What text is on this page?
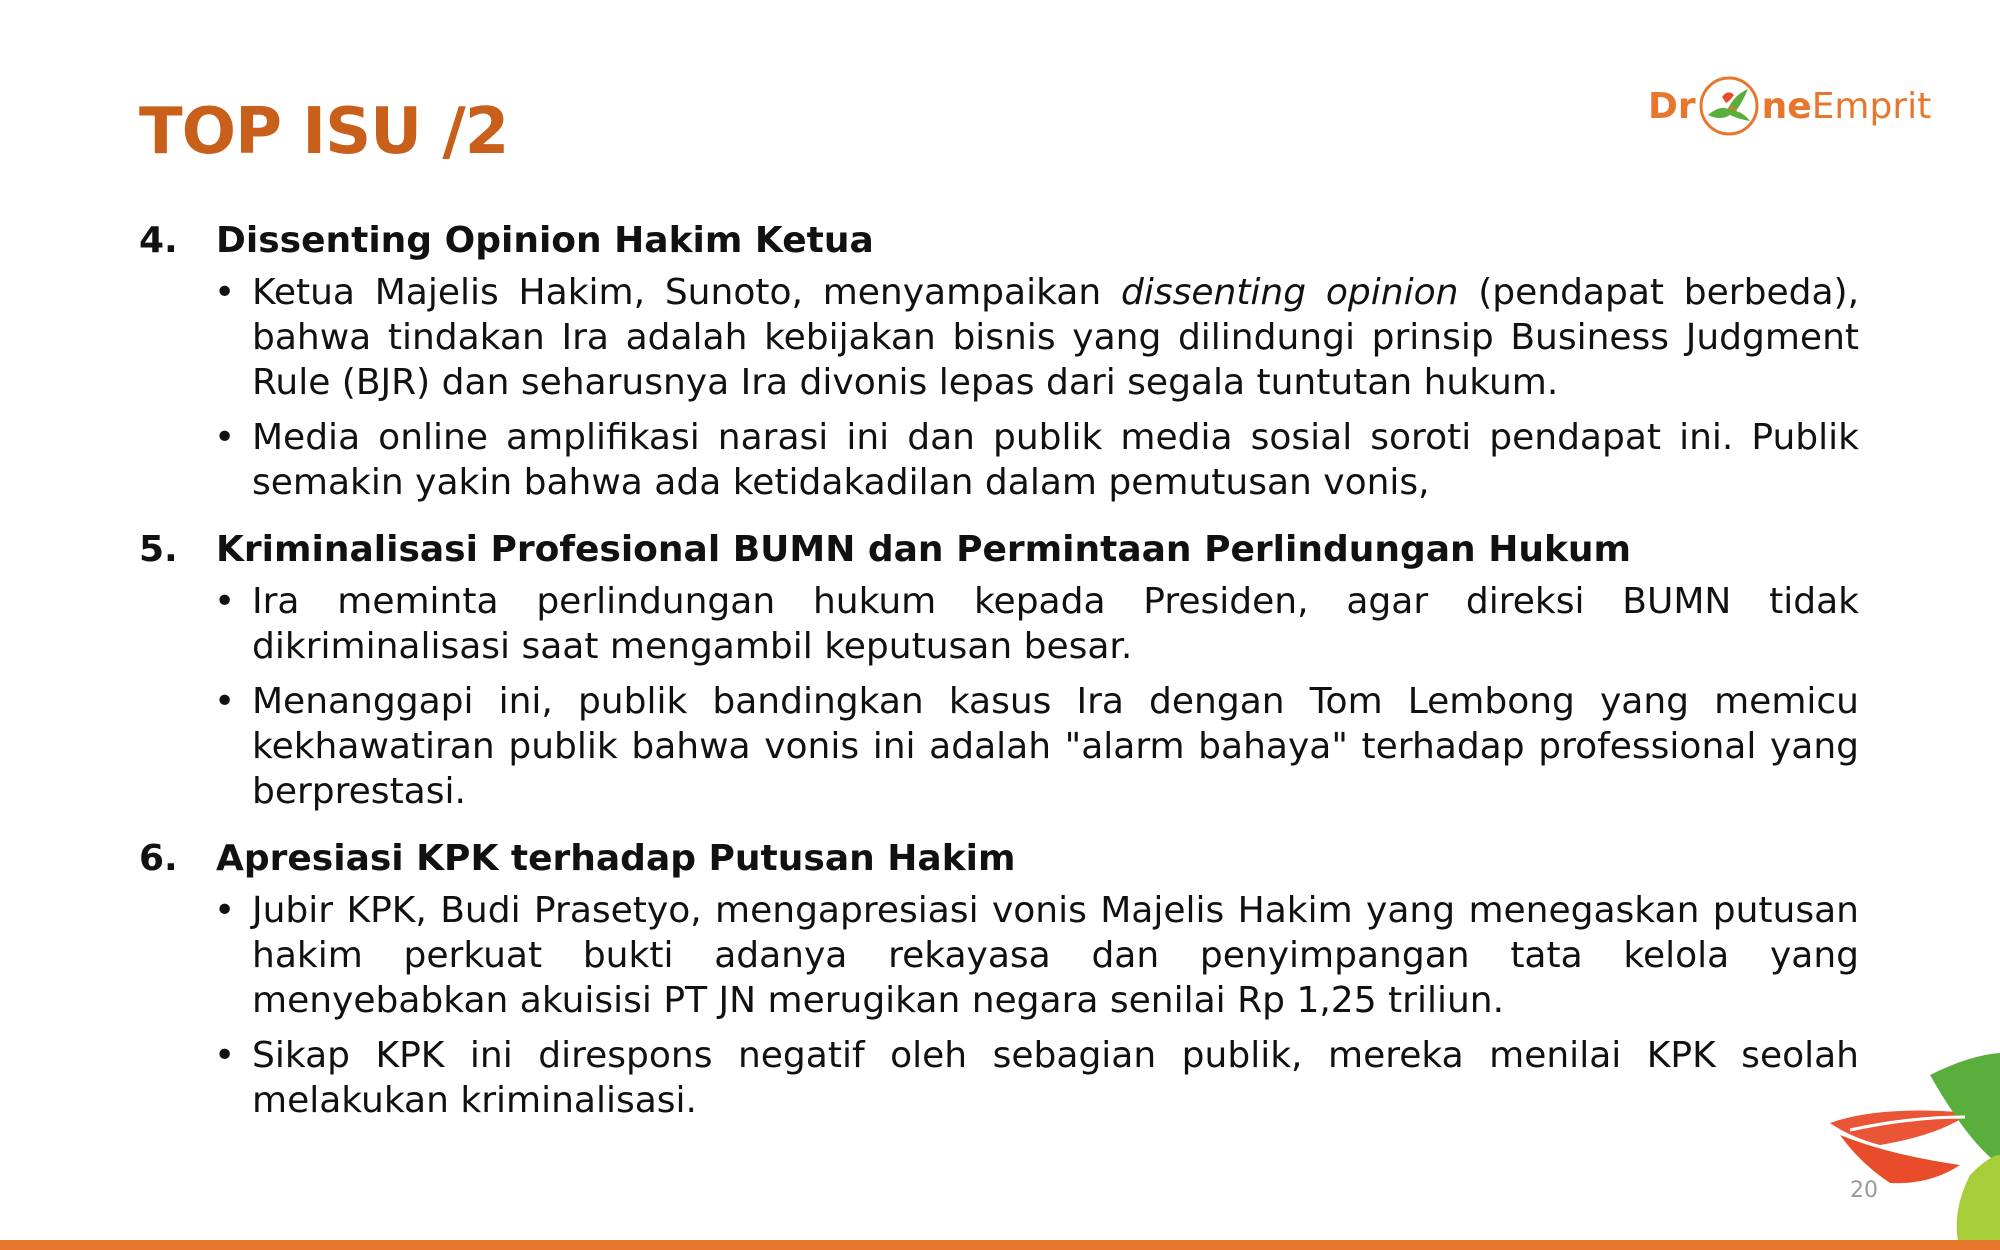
TOP ISU /2	Dr ne Emprit
4.	Dissenting Opinion Hakim Ketua
• Ketua Majelis Hakim, Sunoto, menyampaikan dissenting opinion (pendapat berbeda), bahwa tindakan Ira adalah kebijakan bisnis yang dilindungi prinsip Business Judgment Rule (BJR) dan seharusnya Ira divonis lepas dari segala tuntutan hukum.
• Media online amplifikasi narasi ini dan publik media sosial soroti pendapat ini. Publik semakin yakin bahwa ada ketidakadilan dalam pemutusan vonis,
5.	Kriminalisasi Profesional BUMN dan Permintaan Perlindungan Hukum
• Ira meminta perlindungan hukum kepada Presiden, agar direksi BUMN tidak dikriminalisasi saat mengambil keputusan besar.
• Menanggapi ini, publik bandingkan kasus Ira dengan Tom Lembong yang memicu kekhawatiran publik bahwa vonis ini adalah "alarm bahaya" terhadap professional yang berprestasi.
6.	Apresiasi KPK terhadap Putusan Hakim
• Jubir KPK, Budi Prasetyo, mengapresiasi vonis Majelis Hakim yang menegaskan putusan hakim perkuat bukti adanya rekayasa dan penyimpangan tata kelola yang menyebabkan akuisisi PT JN merugikan negara senilai Rp 1,25 triliun.
• Sikap KPK ini direspons negatif oleh sebagian publik, mereka menilai KPK seolah melakukan kriminalisasi.
20
